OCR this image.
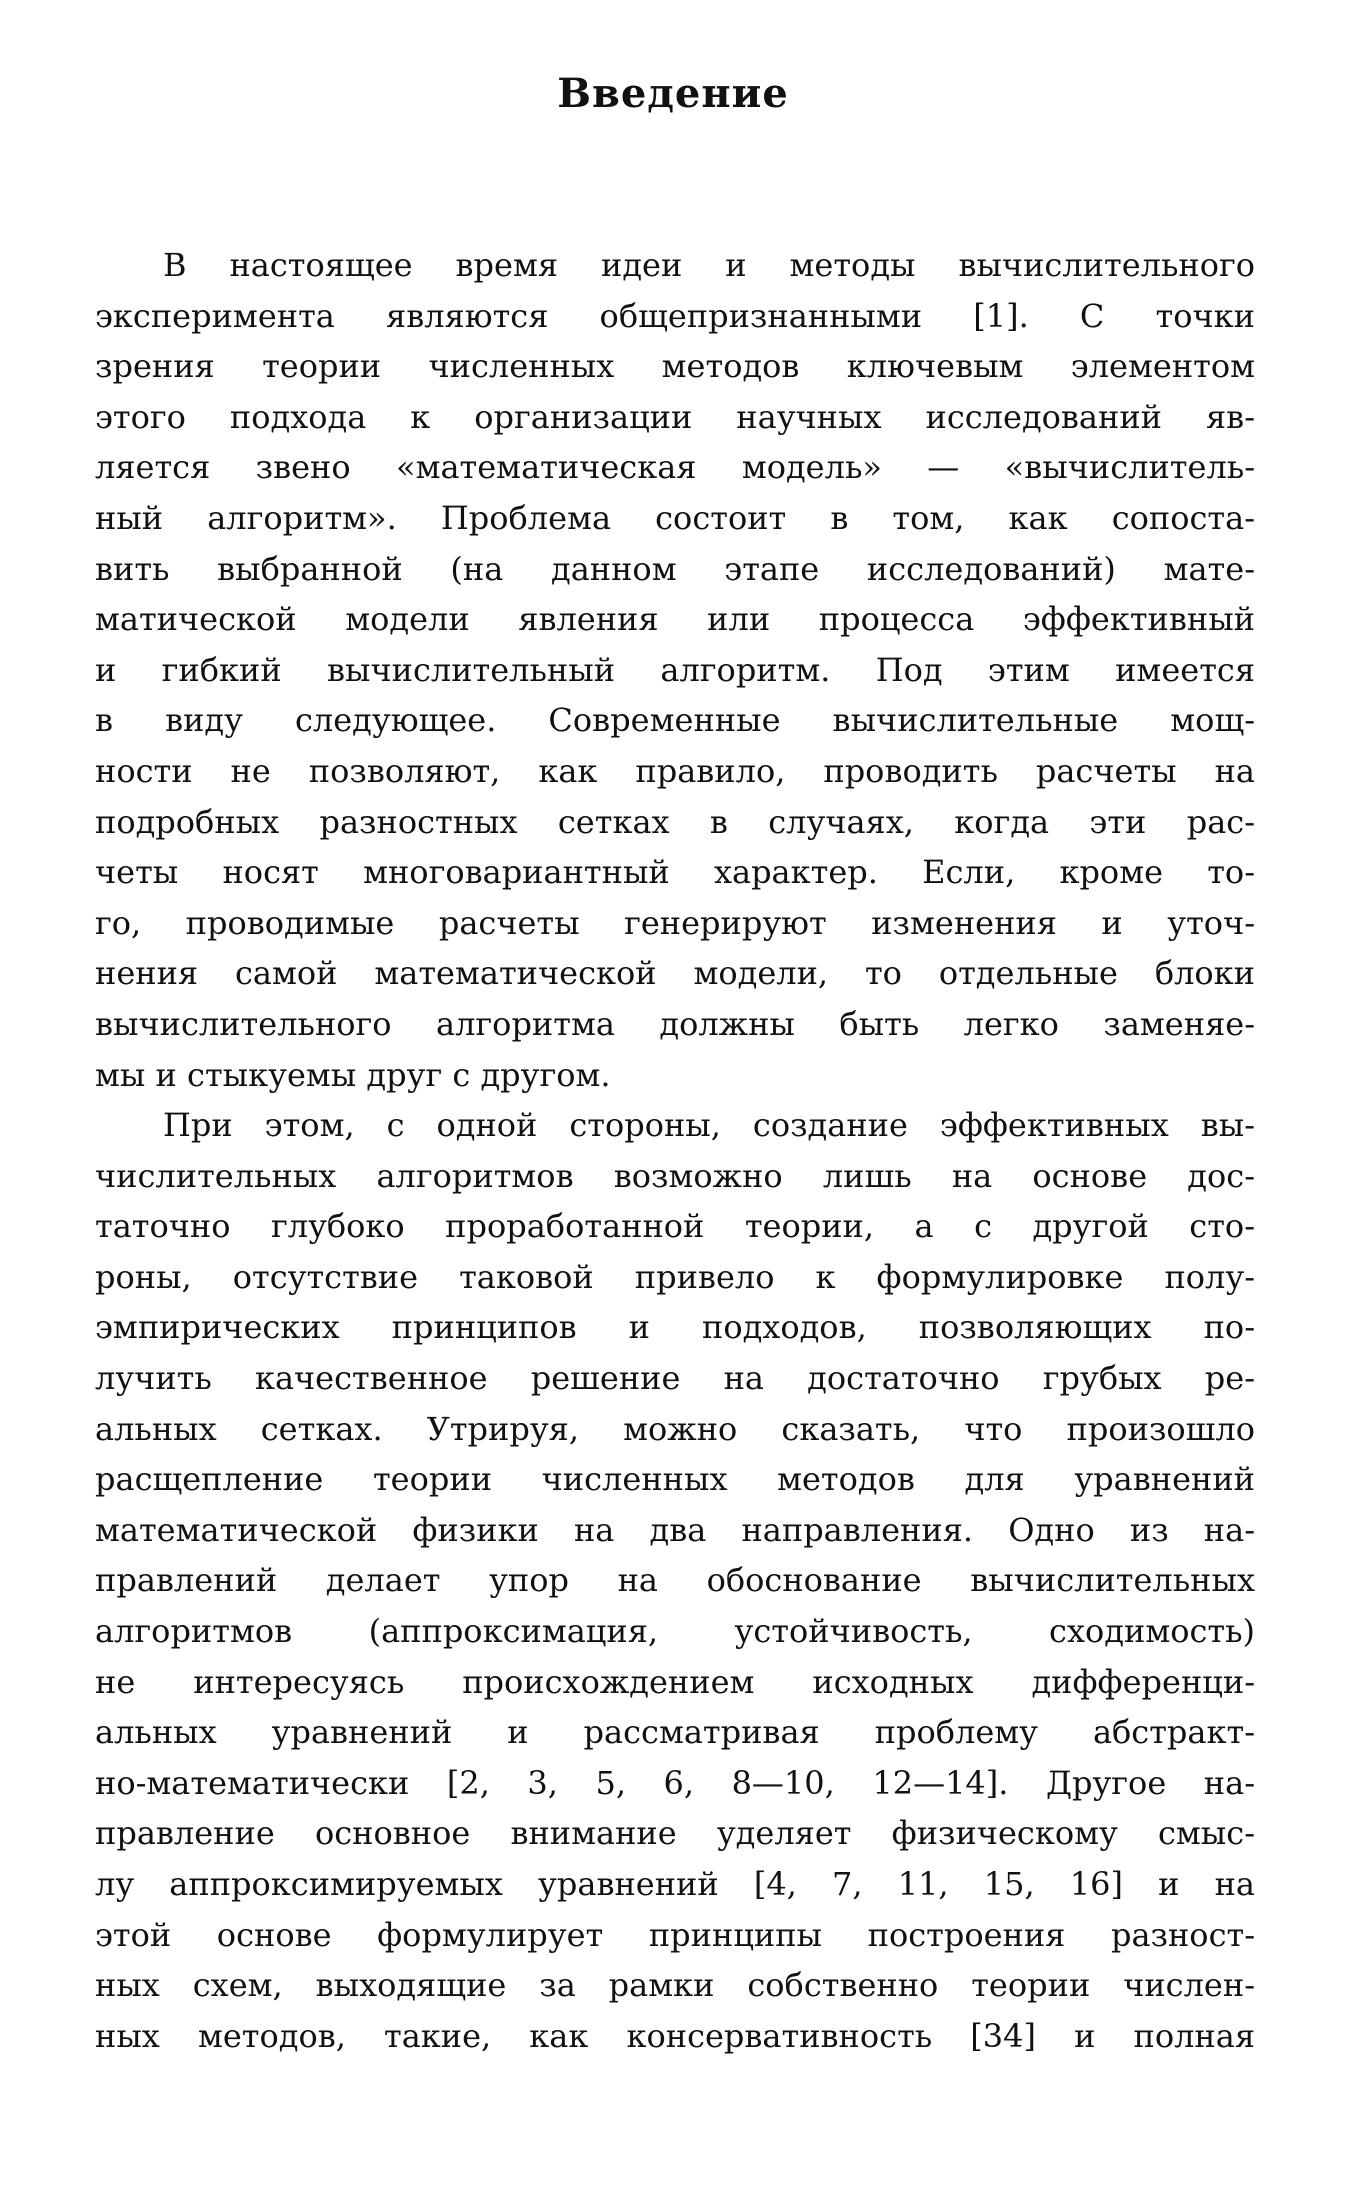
Введение
В настоящее время идеи и методы вычислительного
эксперимента являются общепризнанными [1]. С точки
зрения теории численных методов ключевым элементом
этого подхода к организации научных исследований яв-
ляется звено «математическая модель» — «вычислитель-
ный алгоритм». Проблема состоит в том, как сопоста-
вить выбранной (на данном этапе исследований) мате-
матической модели явления или процесса эффективный
и гибкий вычислительный алгоритм. Под этим имеется
в виду следующее. Современные вычислительные мощ-
ности не позволяют, как правило, проводить расчеты на
подробных разностных сетках в случаях, когда эти рас-
четы носят многовариантный характер. Если, кроме то-
го, проводимые расчеты генерируют изменения и уточ-
нения самой математической модели, то отдельные блоки
вычислительного алгоритма должны быть легко заменяе-
мы и стыкуемы друг с другом.
При этом, с одной стороны, создание эффективных вы-
числительных алгоритмов возможно лишь на основе дос-
таточно глубоко проработанной теории, а с другой сто-
роны, отсутствие таковой привело к формулировке полу-
эмпирических принципов и подходов, позволяющих по-
лучить качественное решение на достаточно грубых ре-
альных сетках. Утрируя, можно сказать, что произошло
расщепление теории численных методов для уравнений
математической физики на два направления. Одно из на-
правлений делает упор на обоснование вычислительных
алгоритмов (аппроксимация, устойчивость, сходимость)
не интересуясь происхождением исходных дифференци-
альных уравнений и рассматривая проблему абстракт-
но-математически [2, 3, 5, 6, 8—10, 12—14]. Другое на-
правление основное внимание уделяет физическому смыс-
лу аппроксимируемых уравнений [4, 7, 11, 15, 16] и на
этой основе формулирует принципы построения разност-
ных схем, выходящие за рамки собственно теории числен-
ных методов, такие, как консервативность [34] и полная
